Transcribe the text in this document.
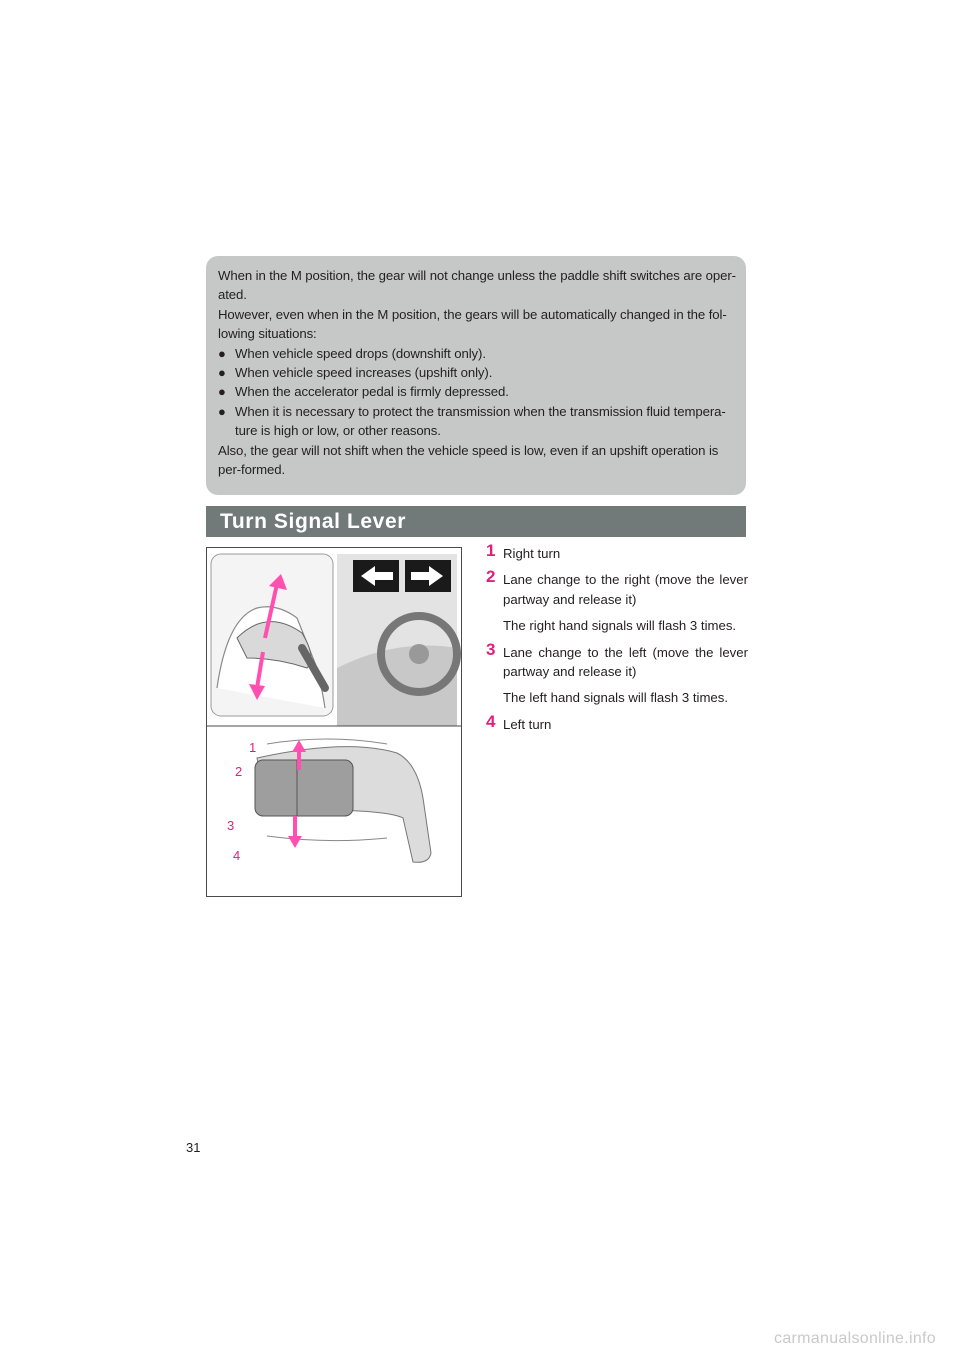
When in the M position, the gear will not change unless the paddle shift switches are oper-ated.

However, even when in the M position, the gears will be automatically changed in the fol-lowing situations:

● When vehicle speed drops (downshift only).

● When vehicle speed increases (upshift only).

● When the accelerator pedal is firmly depressed.

● When it is necessary to protect the transmission when the transmission fluid tempera-ture is high or low, or other reasons.

Also, the gear will not shift when the vehicle speed is low, even if an upshift operation is per-formed.

Turn Signal Lever
1
2
3
4
1 Right turn
2 Lane change to the right (move the lever partway and release it)
The right hand signals will flash 3 times.
3 Lane change to the left (move the lever partway and release it)
The left hand signals will flash 3 times.
4 Left turn
31
carmanualsonline.info
